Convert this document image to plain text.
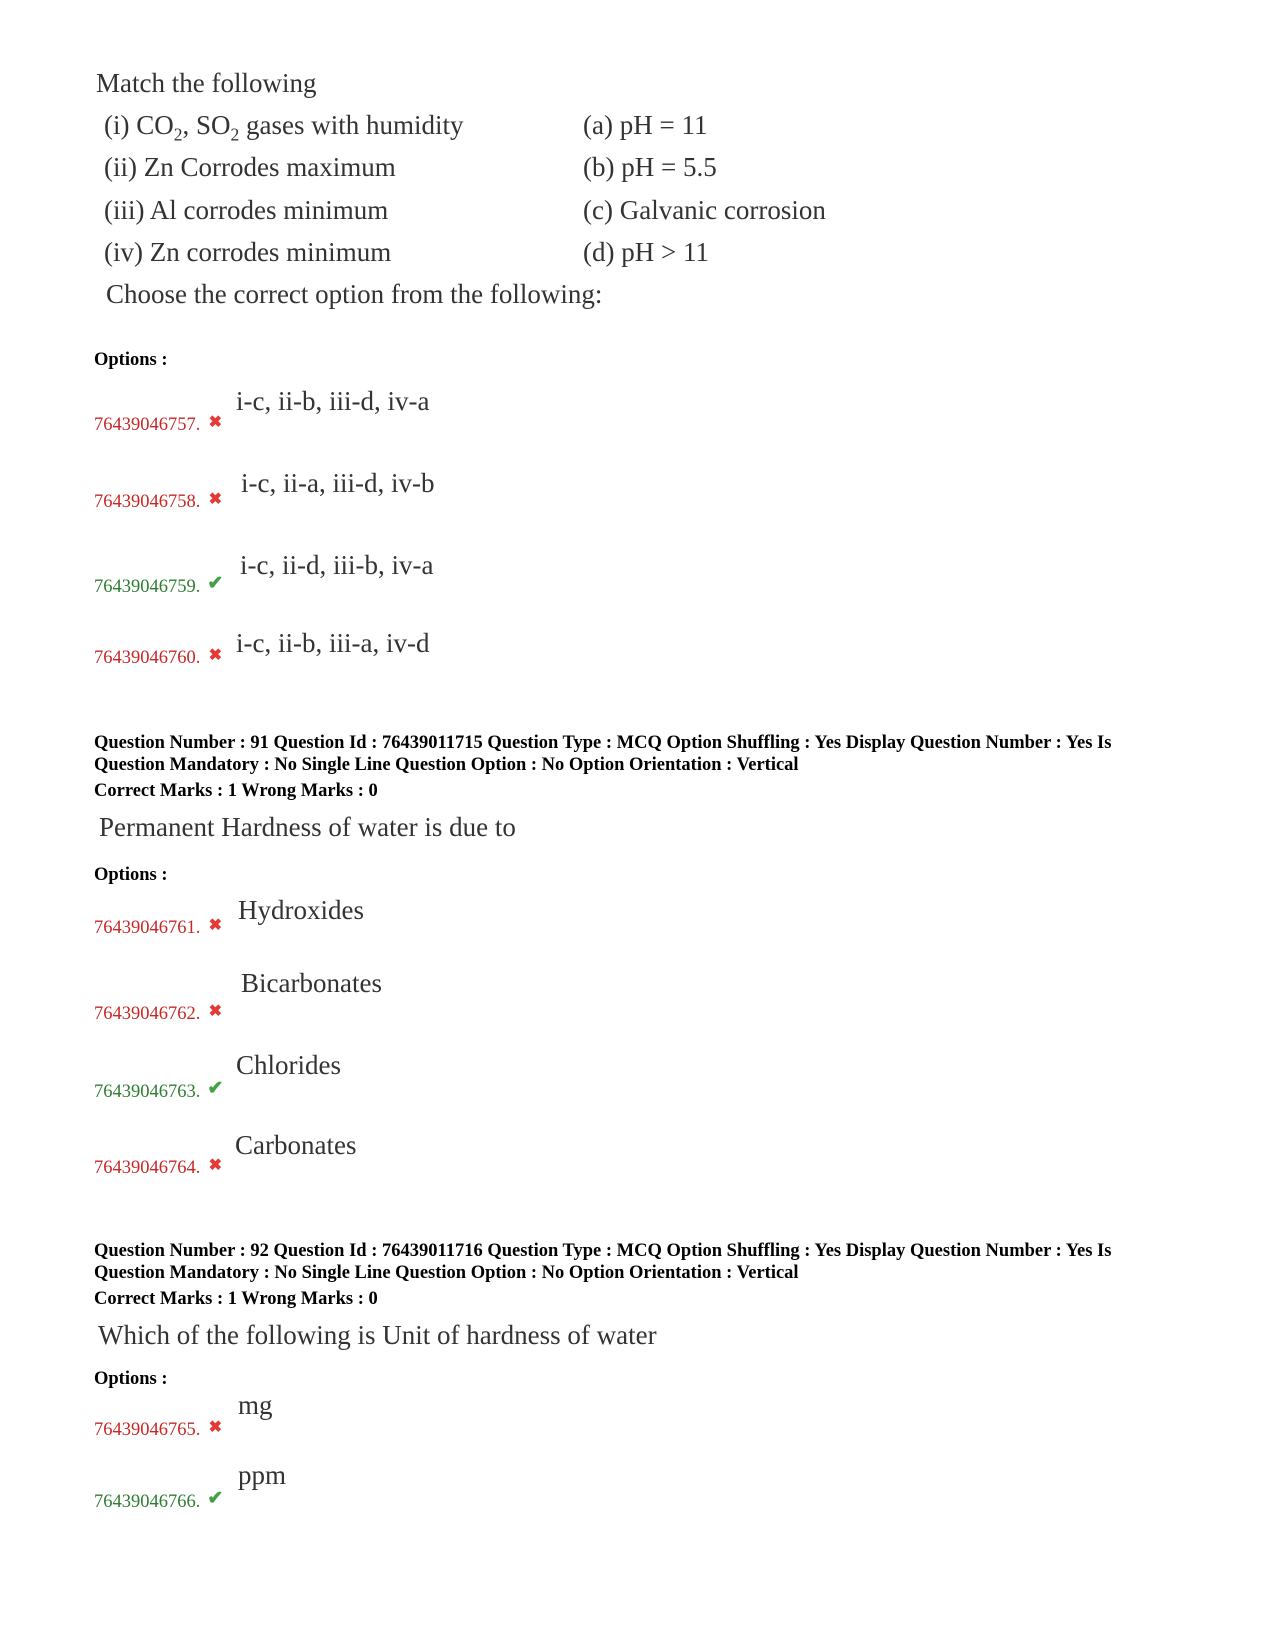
Match the following
(i) $CO_2$, $SO_2$ gases with humidity
(ii) Zn Corrodes maximum
(iii) Al corrodes minimum
(iv) Zn corrodes minimum
(a) pH = 11
(b) pH = 5.5
(c) Galvanic corrosion
(d) pH > 11
Choose the correct option from the following:
Options :
76439046757. ✖
i-c, ii-b, iii-d, iv-a
76439046758. ✖
i-c, ii-a, iii-d, iv-b
76439046759. ✔
i-c, ii-d, iii-b, iv-a
76439046760. ✖ i-c, ii-b, iii-a, iv-d
Question Number : 91 Question Id : 76439011715 Question Type : MCQ Option Shuffling : Yes Display Question Number : Yes Is
Question Mandatory : No Single Line Question Option : No Option Orientation : Vertical
Correct Marks : 1 Wrong Marks : 0
Permanent Hardness of water is due to
Options :
76439046761. ✖
Hydroxides
76439046762. ✖
Bicarbonates
76439046763. ✔
Chlorides
76439046764. ✖
Carbonates
Question Number : 92 Question Id : 76439011716 Question Type : MCQ Option Shuffling : Yes Display Question Number : Yes Is
Question Mandatory : No Single Line Question Option : No Option Orientation : Vertical
Correct Marks : 1 Wrong Marks : 0
Which of the following is Unit of hardness of water
Options :
76439046765. ✖
mg
76439046766. ✔
ppm
